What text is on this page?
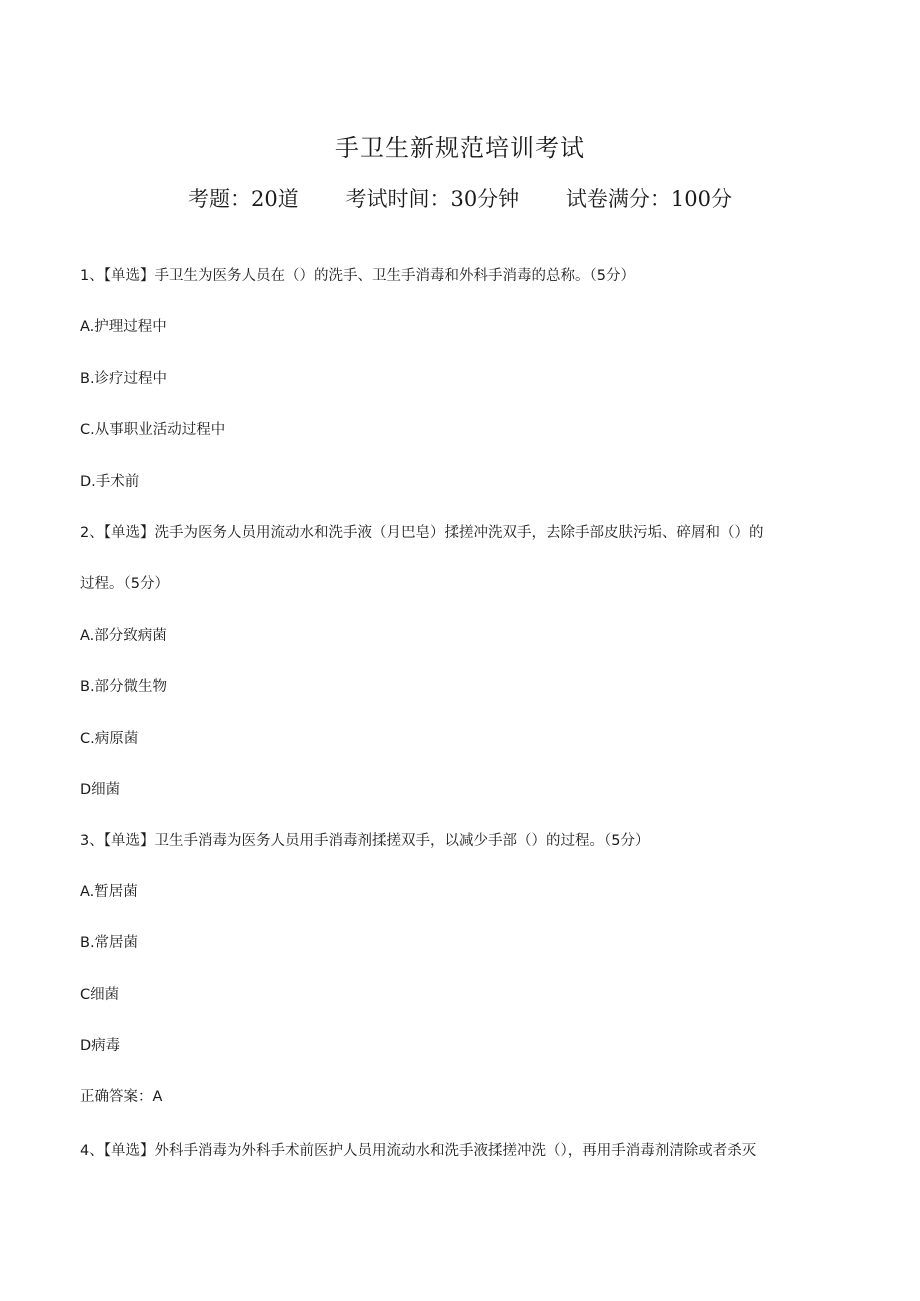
手卫生新规范培训考试
考题：20道 考试时间：30分钟 试卷满分：100分
1、【单选】手卫生为医务人员在（）的洗手、卫生手消毒和外科手消毒的总称。（5分）
A.护理过程中
B.诊疗过程中
C.从事职业活动过程中
D.手术前
2、【单选】洗手为医务人员用流动水和洗手液（月巴皂）揉搓冲洗双手，去除手部皮肤污垢、碎屑和（）的
过程。（5分）
A.部分致病菌
B.部分微生物
C.病原菌
D细菌
3、【单选】卫生手消毒为医务人员用手消毒剂揉搓双手，以减少手部（）的过程。（5分）
A.暂居菌
B.常居菌
C细菌
D病毒
正确答案：A
4、【单选】外科手消毒为外科手术前医护人员用流动水和洗手液揉搓冲洗（），再用手消毒剂清除或者杀灭
